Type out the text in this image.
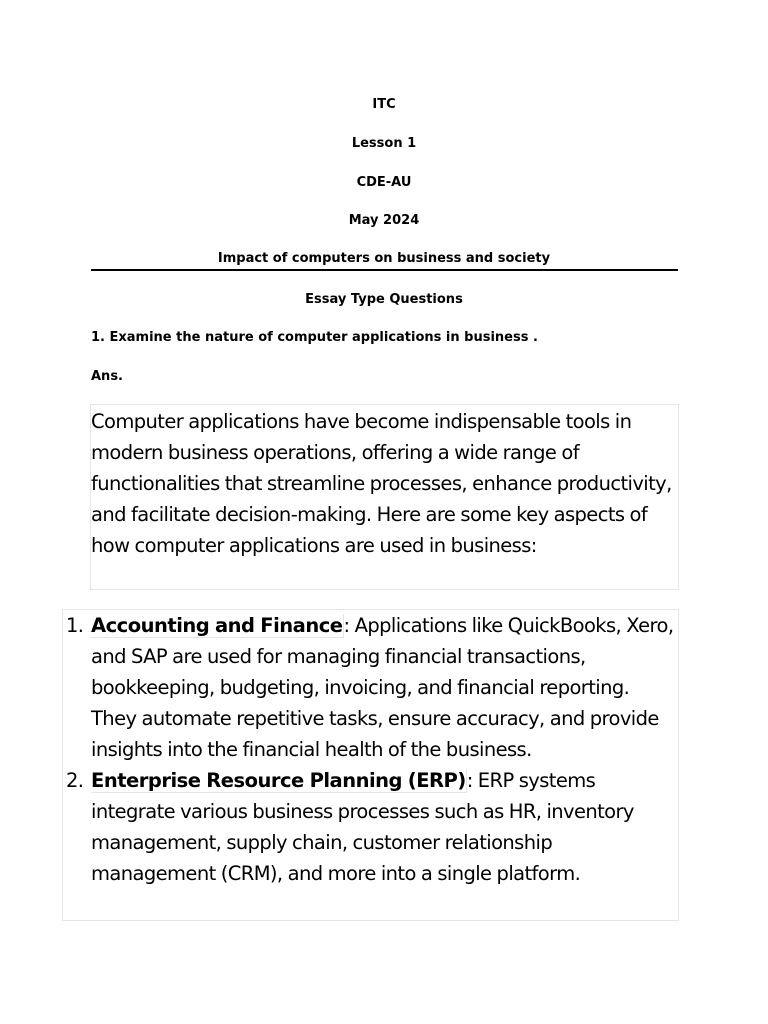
ITC
Lesson 1
CDE-AU
May 2024
Impact of computers on business and society
Essay Type Questions
1. Examine the nature of computer applications in business .
Ans.

Computer applications have become indispensable tools in modern business operations, offering a wide range of functionalities that streamline processes, enhance productivity, and facilitate decision-making. Here are some key aspects of how computer applications are used in business:

1. Accounting and Finance: Applications like QuickBooks, Xero, and SAP are used for managing financial transactions, bookkeeping, budgeting, invoicing, and financial reporting. They automate repetitive tasks, ensure accuracy, and provide insights into the financial health of the business.
2. Enterprise Resource Planning (ERP): ERP systems integrate various business processes such as HR, inventory management, supply chain, customer relationship management (CRM), and more into a single platform.
